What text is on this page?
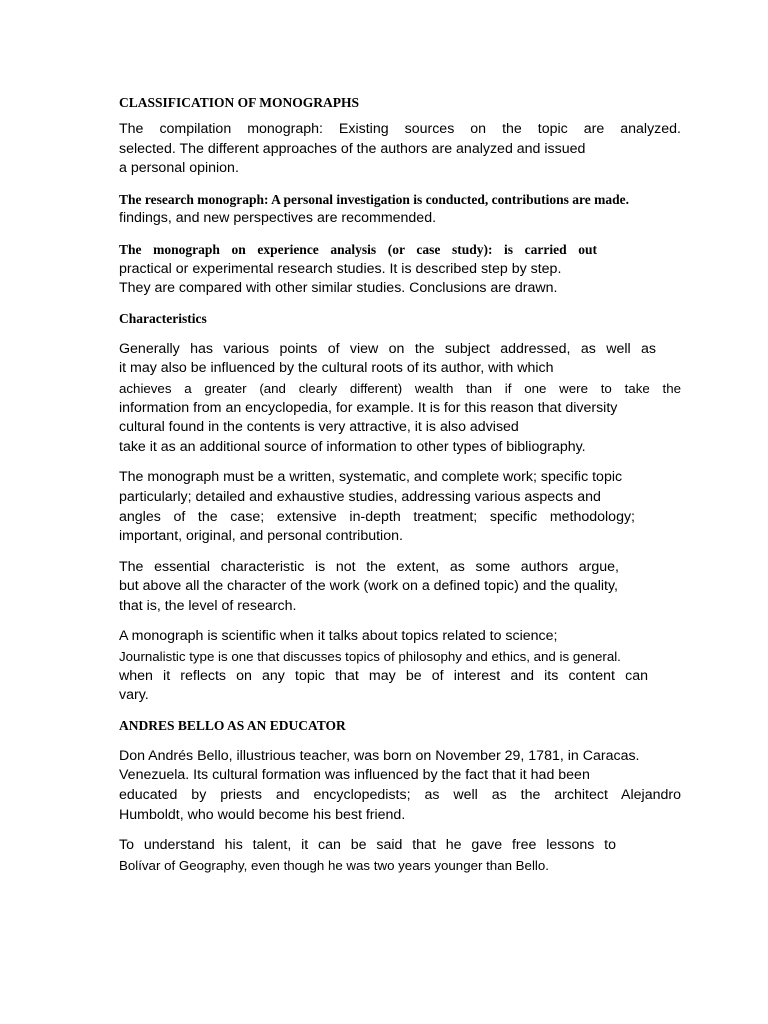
CLASSIFICATION OF MONOGRAPHS
The compilation monograph: Existing sources on the topic are analyzed.
selected. The different approaches of the authors are analyzed and issued
a personal opinion.
The research monograph: A personal investigation is conducted, contributions are made.
findings, and new perspectives are recommended.
The monograph on experience analysis (or case study): is carried out
practical or experimental research studies. It is described step by step.
They are compared with other similar studies. Conclusions are drawn.
Characteristics
Generally has various points of view on the subject addressed, as well as
it may also be influenced by the cultural roots of its author, with which
achieves a greater (and clearly different) wealth than if one were to take the
information from an encyclopedia, for example. It is for this reason that diversity
cultural found in the contents is very attractive, it is also advised
take it as an additional source of information to other types of bibliography.
The monograph must be a written, systematic, and complete work; specific topic
particularly; detailed and exhaustive studies, addressing various aspects and
angles of the case; extensive in-depth treatment; specific methodology;
important, original, and personal contribution.
The essential characteristic is not the extent, as some authors argue,
but above all the character of the work (work on a defined topic) and the quality,
that is, the level of research.
A monograph is scientific when it talks about topics related to science;
Journalistic type is one that discusses topics of philosophy and ethics, and is general.
when it reflects on any topic that may be of interest and its content can
vary.
ANDRES BELLO AS AN EDUCATOR
Don Andrés Bello, illustrious teacher, was born on November 29, 1781, in Caracas.
Venezuela. Its cultural formation was influenced by the fact that it had been
educated by priests and encyclopedists; as well as the architect Alejandro
Humboldt, who would become his best friend.
To understand his talent, it can be said that he gave free lessons to
Bolívar of Geography, even though he was two years younger than Bello.
